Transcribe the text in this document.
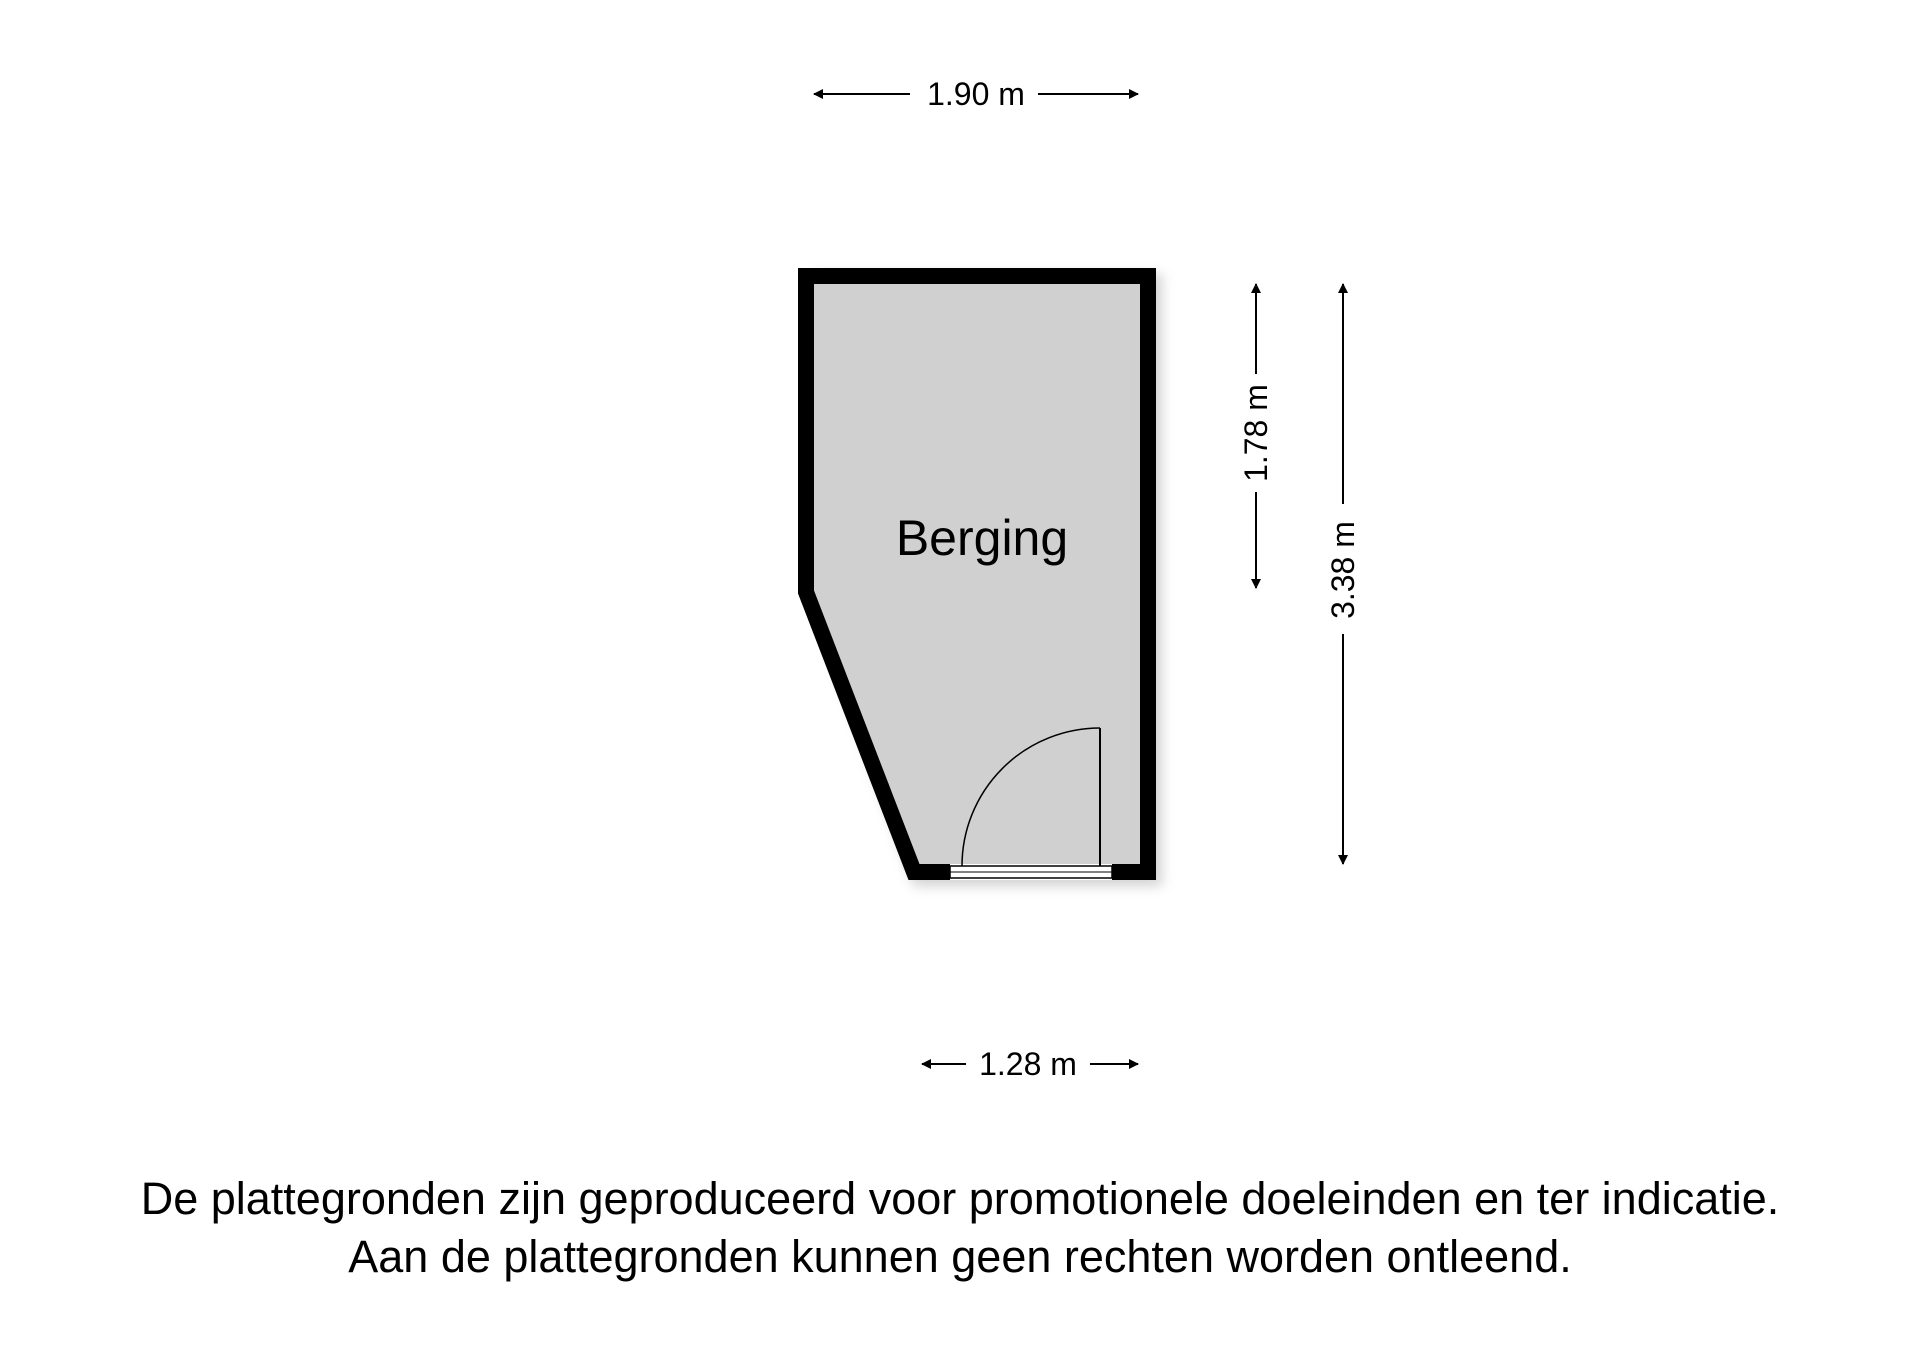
Berging
1.90 m
1.28 m
1.78 m
3.38 m
De plattegronden zijn geproduceerd voor promotionele doeleinden en ter indicatie.
Aan de plattegronden kunnen geen rechten worden ontleend.
